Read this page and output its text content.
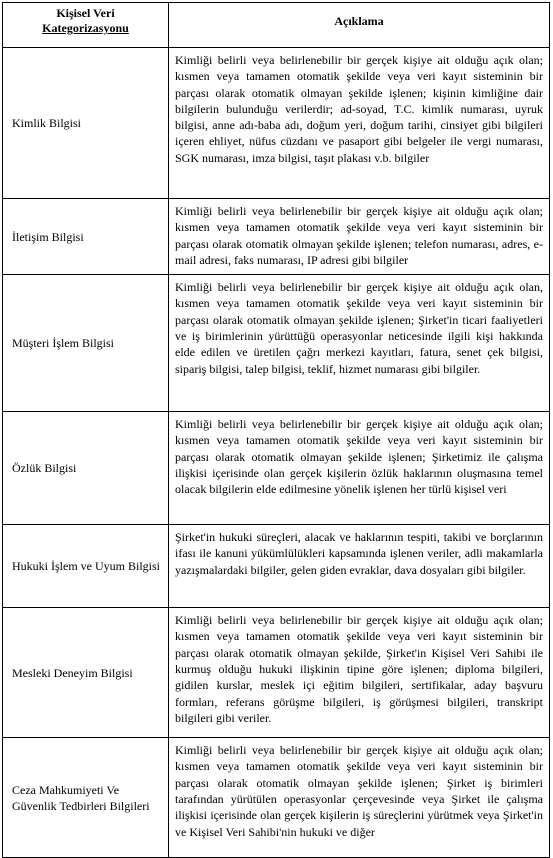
Kişisel Veri
Kategorizasyonu	Açıklama

Kimlik Bilgisi	Kimliği belirli veya belirlenebilir bir gerçek kişiye ait olduğu açık olan; kısmen veya tamamen otomatik şekilde veya veri kayıt sisteminin bir parçası olarak otomatik olmayan şekilde işlenen; kişinin kimliğine dair bilgilerin bulunduğu verilerdir; ad-soyad, T.C. kimlik numarası, uyruk bilgisi, anne adı-baba adı, doğum yeri, doğum tarihi, cinsiyet gibi bilgileri içeren ehliyet, nüfus cüzdanı ve pasaport gibi belgeler ile vergi numarası, SGK numarası, imza bilgisi, taşıt plakası v.b. bilgiler
İletişim Bilgisi	Kimliği belirli veya belirlenebilir bir gerçek kişiye ait olduğu açık olan; kısmen veya tamamen otomatik şekilde veya veri kayıt sisteminin bir parçası olarak otomatik olmayan şekilde işlenen; telefon numarası, adres, e-mail adresi, faks numarası, IP adresi gibi bilgiler
Müşteri İşlem Bilgisi	Kimliği belirli veya belirlenebilir bir gerçek kişiye ait olduğu açık olan, kısmen veya tamamen otomatik şekilde veya veri kayıt sisteminin bir parçası olarak otomatik olmayan şekilde işlenen; Şirket'in ticari faaliyetleri ve iş birimlerinin yürüttüğü operasyonlar neticesinde ilgili kişi hakkında elde edilen ve üretilen çağrı merkezi kayıtları, fatura, senet çek bilgisi, sipariş bilgisi, talep bilgisi, teklif, hizmet numarası gibi bilgiler.
Özlük Bilgisi	Kimliği belirli veya belirlenebilir bir gerçek kişiye ait olduğu açık olan; kısmen veya tamamen otomatik şekilde veya veri kayıt sisteminin bir parçası olarak otomatik olmayan şekilde işlenen; Şirketimiz ile çalışma ilişkisi içerisinde olan gerçek kişilerin özlük haklarının oluşmasına temel olacak bilgilerin elde edilmesine yönelik işlenen her türlü kişisel veri
Hukuki İşlem ve Uyum Bilgisi	Şirket'in hukuki süreçleri, alacak ve haklarının tespiti, takibi ve borçlarının ifası ile kanuni yükümlülükleri kapsamında işlenen veriler, adli makamlarla yazışmalardaki bilgiler, gelen giden evraklar, dava dosyaları gibi bilgiler.
Mesleki Deneyim Bilgisi	Kimliği belirli veya belirlenebilir bir gerçek kişiye ait olduğu açık olan; kısmen veya tamamen otomatik şekilde veya veri kayıt sisteminin bir parçası olarak otomatik olmayan şekilde, Şirket'in Kişisel Veri Sahibi ile kurmuş olduğu hukuki ilişkinin tipine göre işlenen; diploma bilgileri, gidilen kurslar, meslek içi eğitim bilgileri, sertifikalar, aday başvuru formları, referans görüşme bilgileri, iş görüşmesi bilgileri, transkript bilgileri gibi veriler.
Ceza Mahkumiyeti Ve Güvenlik Tedbirleri Bilgileri	Kimliği belirli veya belirlenebilir bir gerçek kişiye ait olduğu açık olan; kısmen veya tamamen otomatik şekilde veya veri kayıt sisteminin bir parçası olarak otomatik olmayan şekilde işlenen; Şirket iş birimleri tarafından yürütülen operasyonlar çerçevesinde veya Şirket ile çalışma ilişkisi içerisinde olan gerçek kişilerin iş süreçlerini yürütmek veya Şirket'in ve Kişisel Veri Sahibi'nin hukuki ve diğer
